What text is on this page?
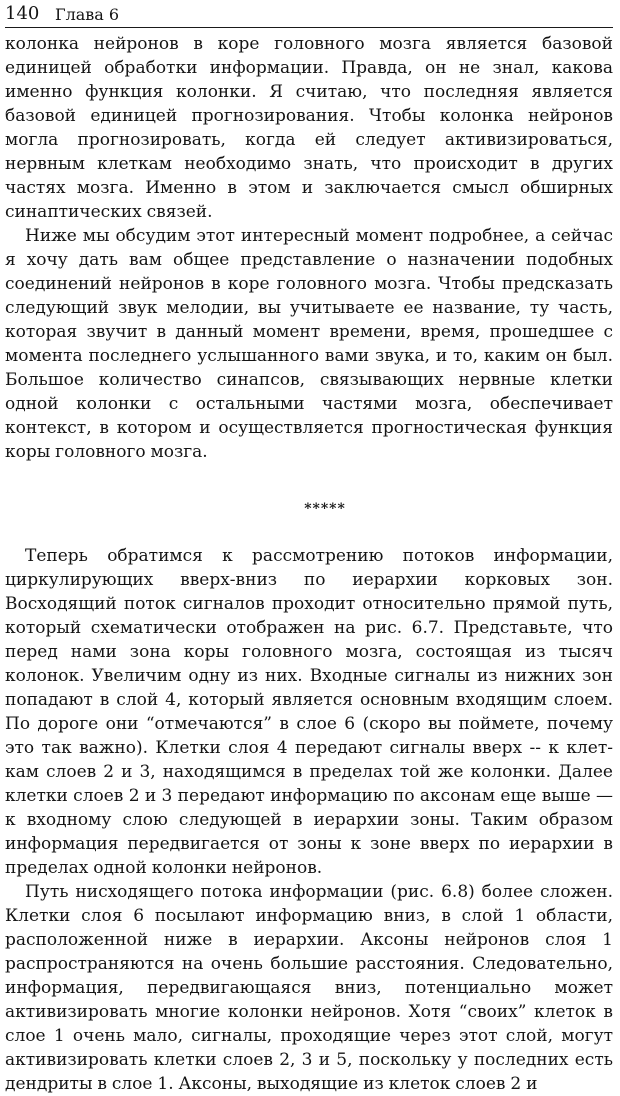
140 Глава 6

колонка нейронов в коре головного мозга является базовой единицей обработки информации. Правда, он не знал, какова именно функция колонки. Я считаю, что последняя является базовой единицей прогнозирования. Чтобы колонка нейронов могла прогнозировать, когда ей следует активизироваться, нервным клеткам необходимо знать, что происходит в других частях мозга. Именно в этом и заключается смысл обширных синаптических связей.

Ниже мы обсудим этот интересный момент подробнее, а сейчас я хочу дать вам общее представление о назначении подобных соединений нейронов в коре головного мозга. Чтобы предсказать следующий звук мелодии, вы учитываете ее название, ту часть, которая звучит в данный момент времени, время, прошедшее с момента последнего услышанного вами звука, и то, каким он был. Большое количество синапсов, связывающих нервные клетки одной колонки с остальными частями мозга, обеспечивает контекст, в котором и осуществляется прогностическая функция коры головного мозга.

*****

Теперь обратимся к рассмотрению потоков информации, циркулирующих вверх-вниз по иерархии корковых зон. Восходящий поток сигналов проходит относительно прямой путь, который схематически отображен на рис. 6.7. Представьте, что перед нами зона коры головного мозга, состоящая из тысяч колонок. Увеличим одну из них. Входные сигналы из нижних зон попадают в слой 4, который является основным входящим слоем. По дороге они “отмечаются” в слое 6 (скоро вы поймете, почему это так важно). Клетки слоя 4 передают сигналы вверх -- к клеткам слоев 2 и 3, находящимся в пределах той же колонки. Далее клетки слоев 2 и 3 передают информацию по аксонам еще выше — к входному слою следующей в иерархии зоны. Таким образом информация передвигается от зоны к зоне вверх по иерархии в пределах одной колонки нейронов.

Путь нисходящего потока информации (рис. 6.8) более сложен. Клетки слоя 6 посылают информацию вниз, в слой 1 области, расположенной ниже в иерархии. Аксоны нейронов слоя 1 распространяются на очень большие расстояния. Следовательно, информация, передвигающаяся вниз, потенциально может активизировать многие колонки нейронов. Хотя “своих” клеток в слое 1 очень мало, сигналы, проходящие через этот слой, могут активизировать клетки слоев 2, 3 и 5, поскольку у последних есть дендриты в слое 1. Аксоны, выходящие из клеток слоев 2 и
